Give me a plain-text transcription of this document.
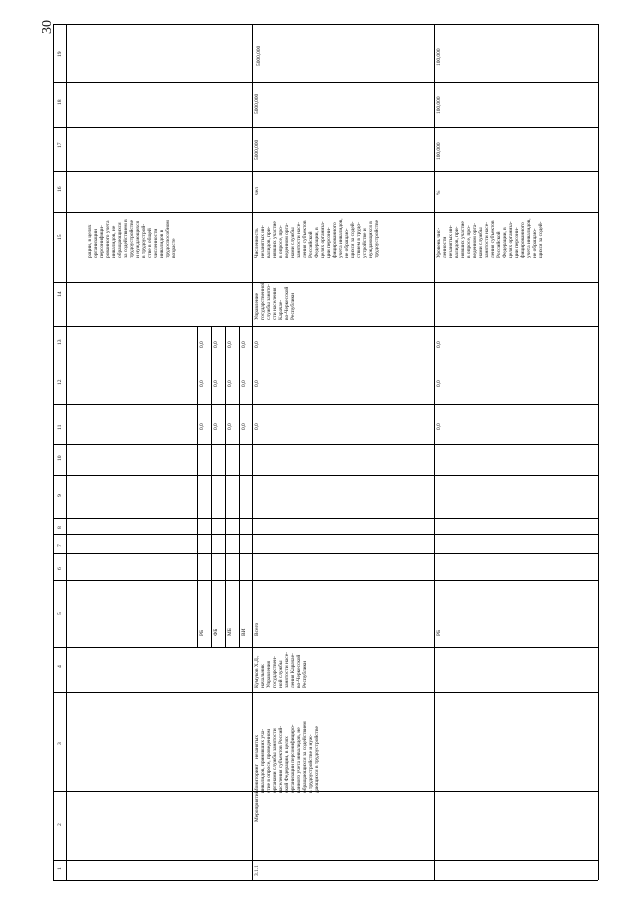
30
1
2
3
4
5
6
7
8
9
10
11
12
13
14
15
16
17
18
19
рации, в целях
организации
персонифици-
рованного учета
инвалидов, не
обращающихся
за содействием в
трудоустройстве
и нуждающихся
в трудоустрой-
стве в общей
численности
инвалидов в
трудоспособном
возрасте
5000,000
РБ
0,0
0,0
0,0
ФБ
0,0
0,0
0,0
МБ
0,0
0,0
0,0
ВИ
0,0
0,0
0,0
3.1.1
Мероприятие
Мониторинг    незанятых
инвалидов, принявших уча-
стие в опросе, проведенном
органами службы занятости
населения субъектов Россий-
ской Федерации, в целях
организации персонифициро-
ванного учета инвалидов, не
обращающихся за содействием
в трудоустройстве и нуж-
дающихся в трудоустройстве
Кумуков Х.Д.,
начальник
Управления
государствен-
ной службы
занятости насе-
ления Карачае-
во-Черкесской
Республики
Всего
0,0
0,0
0,0
Управление
государственной
службы занято-
сти населения
Карачае-
во-Черкесской
Республики
Численность
незанятых ин-
валидов, при-
нявших участие
в опросе, про-
веденном орга-
нами службы
занятости насе-
ления субъектов
Российской
Федерации, в
целях организа-
ции персони-
фицированного
учета инвалидов,
не обращаю-
щихся за содей-
ствием в трудо-
устройстве и
нуждающихся в
трудоустройстве
чел
5000,000
5000,000
РБ
0,0
0,0
0,0
Уровень чис-
ленности
незанятых ин-
валидов, при-
нявших участие
в опросе, про-
веденном орга-
нами службы
занятости насе-
ления субъектов
Российской
Федерации, в
целях организа-
ции персони-
фицированного
учета инвалидов,
не обращаю-
щихся за содей-
%
100,000
100,000
100,000
